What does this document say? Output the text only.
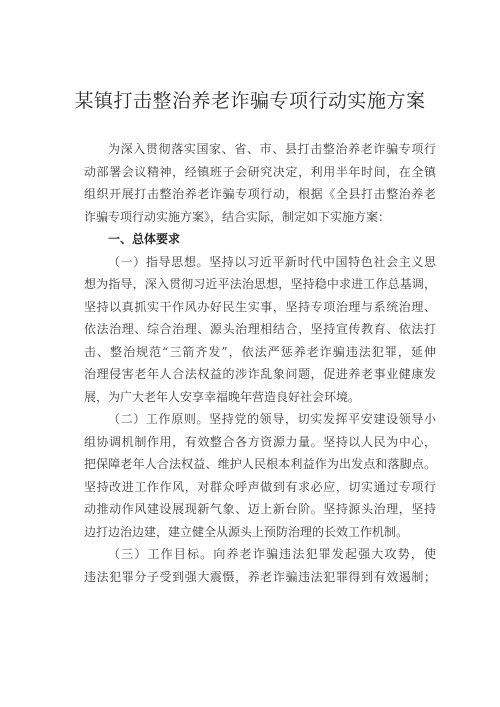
某镇打击整治养老诈骗专项行动实施方案
为深入贯彻落实国家、省、市、县打击整治养老诈骗专项行
动部署会议精神，经镇班子会研究决定，利用半年时间，在全镇
组织开展打击整治养老诈骗专项行动，根据《全县打击整治养老
诈骗专项行动实施方案》，结合实际，制定如下实施方案：
一、总体要求
（一）指导思想。坚持以习近平新时代中国特色社会主义思
想为指导，深入贯彻习近平法治思想，坚持稳中求进工作总基调，
坚持以真抓实干作风办好民生实事，坚持专项治理与系统治理、
依法治理、综合治理、源头治理相结合，坚持宣传教育、依法打
击、整治规范“三箭齐发”，依法严惩养老诈骗违法犯罪，延伸
治理侵害老年人合法权益的涉诈乱象问题，促进养老事业健康发
展，为广大老年人安享幸福晚年营造良好社会环境。
（二）工作原则。坚持党的领导，切实发挥平安建设领导小
组协调机制作用，有效整合各方资源力量。坚持以人民为中心，
把保障老年人合法权益、维护人民根本利益作为出发点和落脚点。
坚持改进工作作风，对群众呼声做到有求必应，切实通过专项行
动推动作风建设展现新气象、迈上新台阶。坚持源头治理，坚持
边打边治边建，建立健全从源头上预防治理的长效工作机制。
（三）工作目标。向养老诈骗违法犯罪发起强大攻势，使
违法犯罪分子受到强大震慑，养老诈骗违法犯罪得到有效遏制；
